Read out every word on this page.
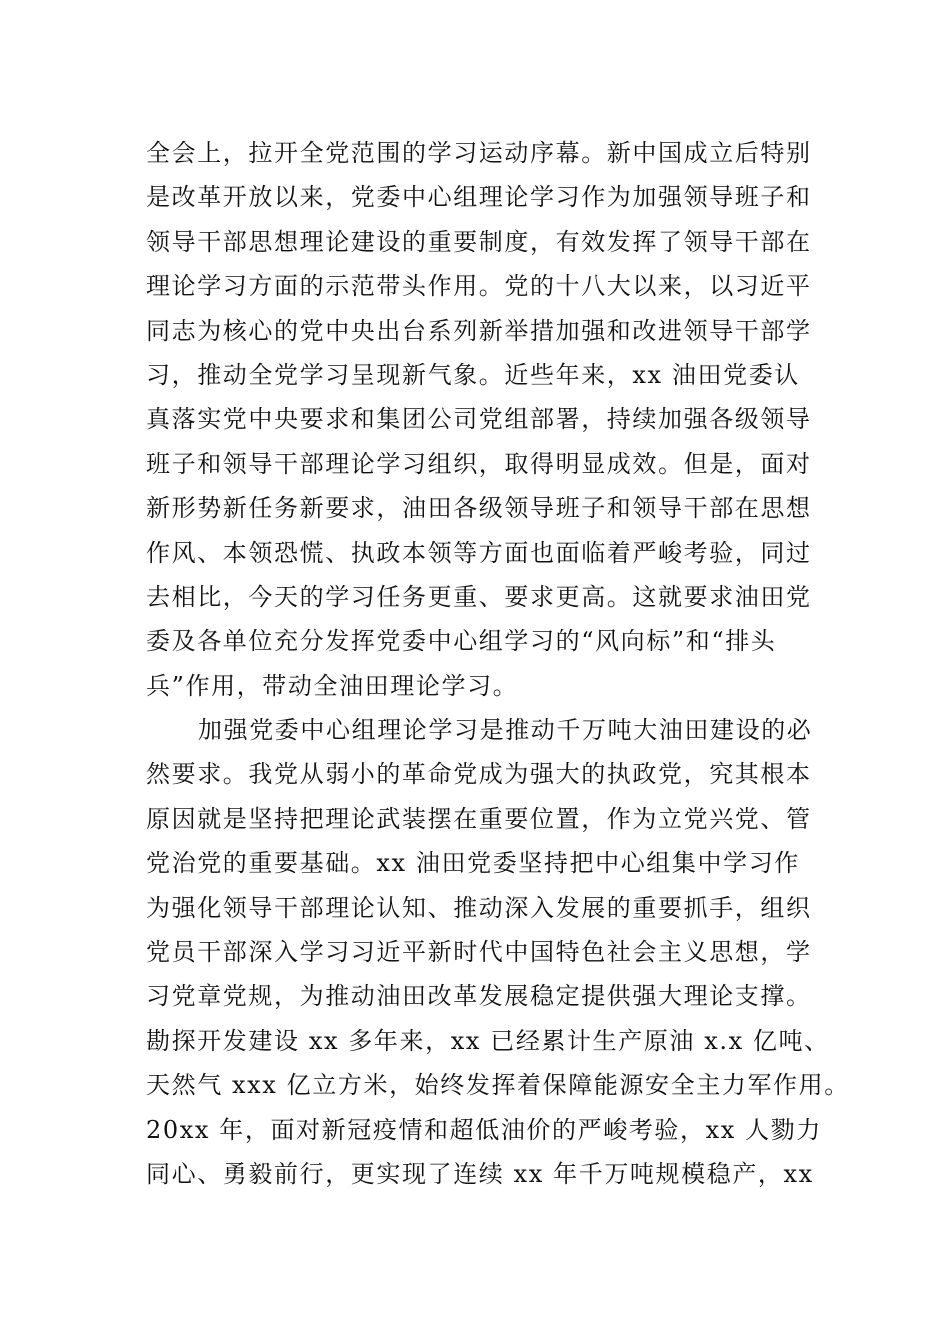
全会上，拉开全党范围的学习运动序幕。新中国成立后特别
是改革开放以来，党委中心组理论学习作为加强领导班子和
领导干部思想理论建设的重要制度，有效发挥了领导干部在
理论学习方面的示范带头作用。党的十八大以来，以习近平
同志为核心的党中央出台系列新举措加强和改进领导干部学
习，推动全党学习呈现新气象。近些年来，xx 油田党委认
真落实党中央要求和集团公司党组部署，持续加强各级领导
班子和领导干部理论学习组织，取得明显成效。但是，面对
新形势新任务新要求，油田各级领导班子和领导干部在思想
作风、本领恐慌、执政本领等方面也面临着严峻考验，同过
去相比，今天的学习任务更重、要求更高。这就要求油田党
委及各单位充分发挥党委中心组学习的“风向标”和“排头
兵”作用，带动全油田理论学习。
加强党委中心组理论学习是推动千万吨大油田建设的必
然要求。我党从弱小的革命党成为强大的执政党，究其根本
原因就是坚持把理论武装摆在重要位置，作为立党兴党、管
党治党的重要基础。xx 油田党委坚持把中心组集中学习作
为强化领导干部理论认知、推动深入发展的重要抓手，组织
党员干部深入学习习近平新时代中国特色社会主义思想，学
习党章党规，为推动油田改革发展稳定提供强大理论支撑。
勘探开发建设 xx 多年来，xx 已经累计生产原油 x.x 亿吨、
天然气 xxx 亿立方米，始终发挥着保障能源安全主力军作用。
20xx 年，面对新冠疫情和超低油价的严峻考验，xx 人勠力
同心、勇毅前行，更实现了连续 xx 年千万吨规模稳产，xx
